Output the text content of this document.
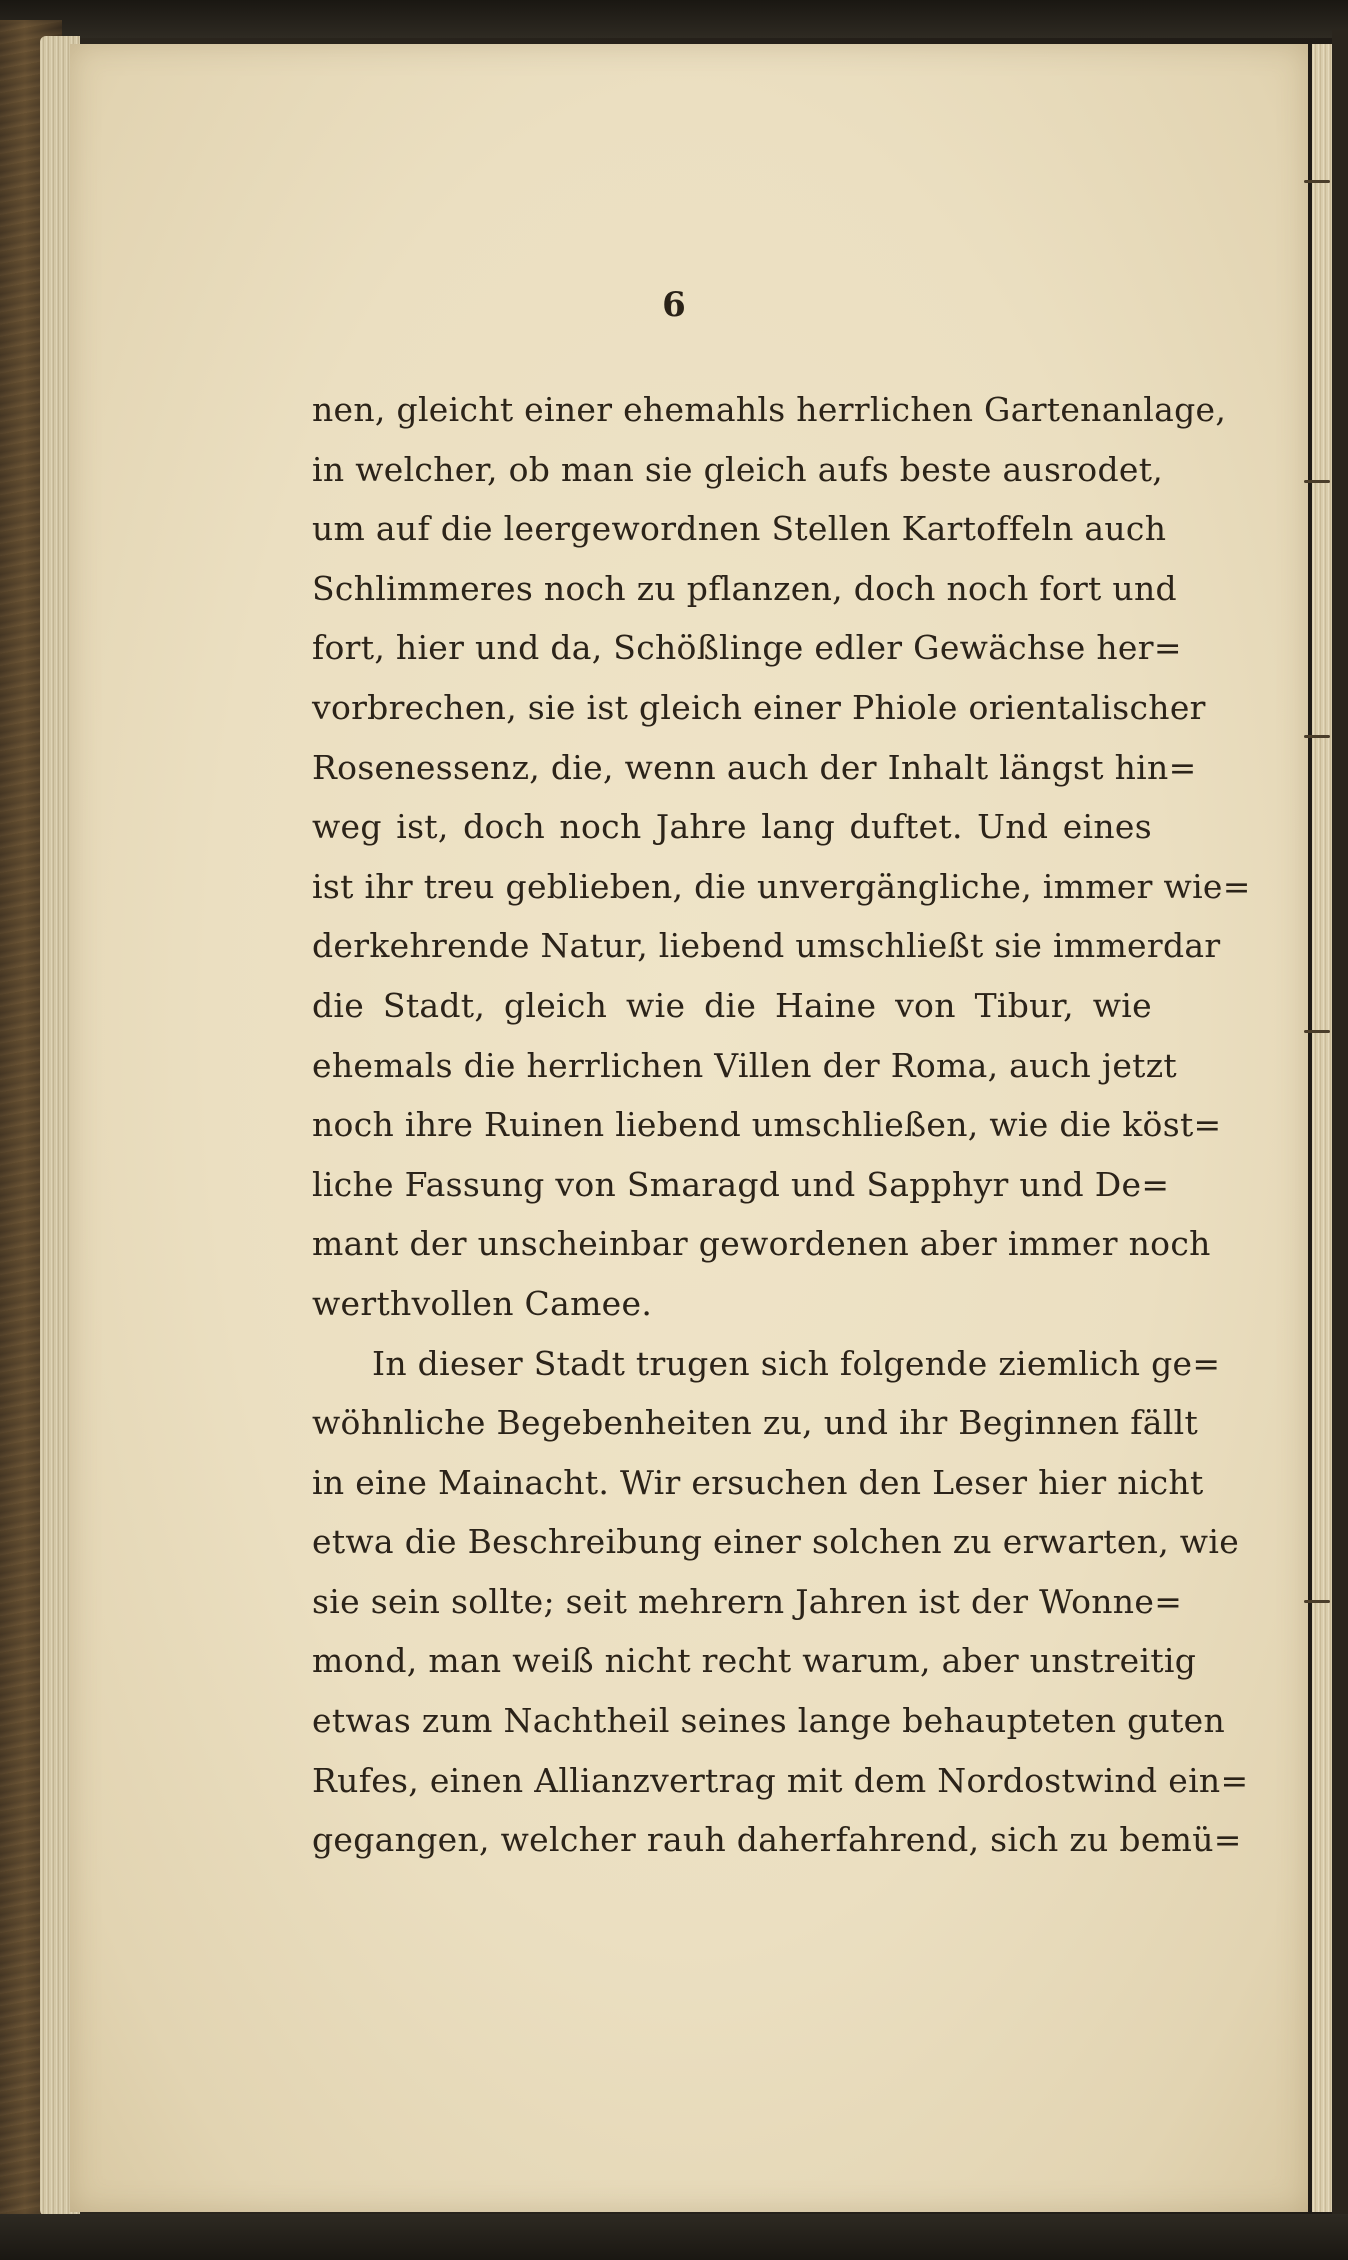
6
nen, gleicht einer ehemahls herrlichen Gartenanlage,
in welcher, ob man sie gleich aufs beste ausrodet,
um auf die leergewordnen Stellen Kartoffeln auch
Schlimmeres noch zu pflanzen, doch noch fort und
fort, hier und da, Schößlinge edler Gewächse her=
vorbrechen, sie ist gleich einer Phiole orientalischer
Rosenessenz, die, wenn auch der Inhalt längst hin=
weg ist, doch noch Jahre lang duftet. Und eines
ist ihr treu geblieben, die unvergängliche, immer wie=
derkehrende Natur, liebend umschließt sie immerdar
die Stadt, gleich wie die Haine von Tibur, wie
ehemals die herrlichen Villen der Roma, auch jetzt
noch ihre Ruinen liebend umschließen, wie die köst=
liche Fassung von Smaragd und Sapphyr und De=
mant der unscheinbar gewordenen aber immer noch
werthvollen Camee.
In dieser Stadt trugen sich folgende ziemlich ge=
wöhnliche Begebenheiten zu, und ihr Beginnen fällt
in eine Mainacht. Wir ersuchen den Leser hier nicht
etwa die Beschreibung einer solchen zu erwarten, wie
sie sein sollte; seit mehrern Jahren ist der Wonne=
mond, man weiß nicht recht warum, aber unstreitig
etwas zum Nachtheil seines lange behaupteten guten
Rufes, einen Allianzvertrag mit dem Nordostwind ein=
gegangen, welcher rauh daherfahrend, sich zu bemü=
